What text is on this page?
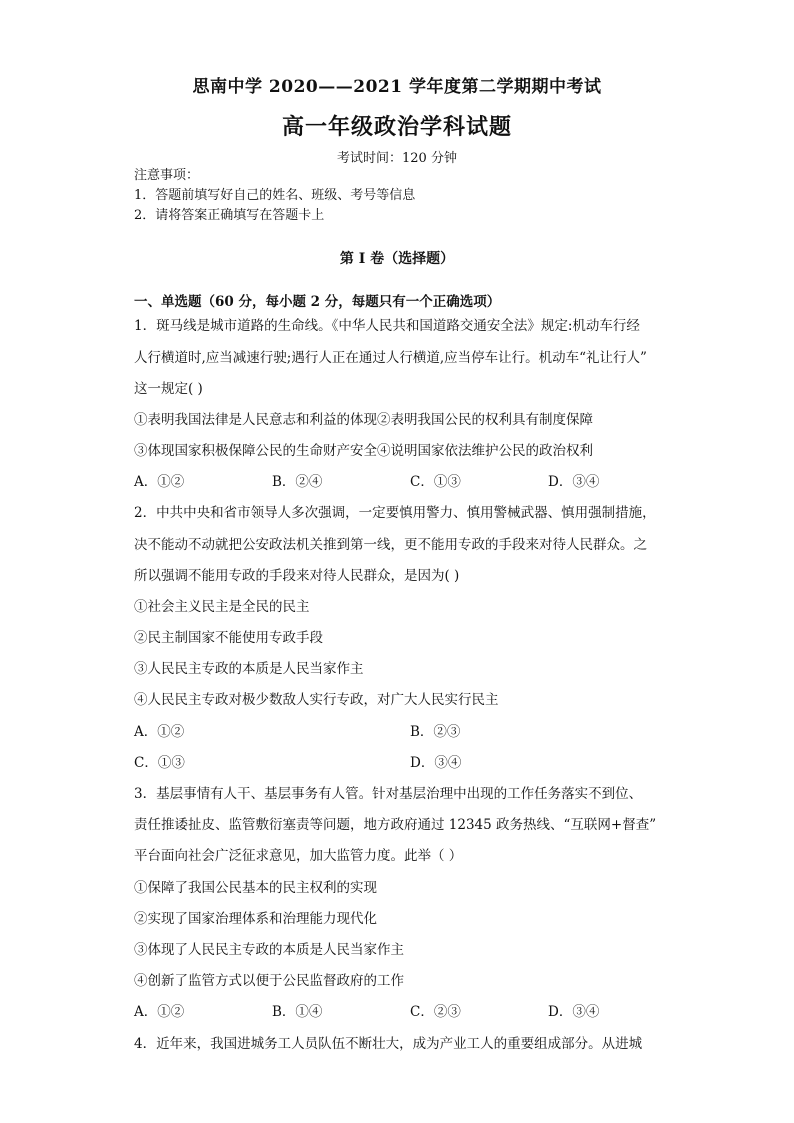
思南中学 2020——2021 学年度第二学期期中考试
高一年级政治学科试题
考试时间：120 分钟
注意事项：
1．答题前填写好自己的姓名、班级、考号等信息
2．请将答案正确填写在答题卡上
第 I 卷（选择题）
一、单选题（60 分，每小题 2 分，每题只有一个正确选项）
1．斑马线是城市道路的生命线。《中华人民共和国道路交通安全法》规定:机动车行经
人行横道时,应当减速行驶;遇行人正在通过人行横道,应当停车让行。机动车“礼让行人”
这一规定( )
①表明我国法律是人民意志和利益的体现②表明我国公民的权利具有制度保障
③体现国家积极保障公民的生命财产安全④说明国家依法维护公民的政治权利
A．①②	B．②④	C．①③	D．③④
2．中共中央和省市领导人多次强调，一定要慎用警力、慎用警械武器、慎用强制措施，
决不能动不动就把公安政法机关推到第一线，更不能用专政的手段来对待人民群众。之
所以强调不能用专政的手段来对待人民群众，是因为( )
①社会主义民主是全民的民主
②民主制国家不能使用专政手段
③人民民主专政的本质是人民当家作主
④人民民主专政对极少数敌人实行专政，对广大人民实行民主
A．①②	B．②③
C．①③	D．③④
3．基层事情有人干、基层事务有人管。针对基层治理中出现的工作任务落实不到位、
责任推诿扯皮、监管敷衍塞责等问题，地方政府通过 12345 政务热线、“互联网+督查”
平台面向社会广泛征求意见，加大监管力度。此举（ ）
①保障了我国公民基本的民主权利的实现
②实现了国家治理体系和治理能力现代化
③体现了人民民主专政的本质是人民当家作主
④创新了监管方式以便于公民监督政府的工作
A．①②	B．①④	C．②③	D．③④
4．近年来，我国进城务工人员队伍不断壮大，成为产业工人的重要组成部分。从进城
